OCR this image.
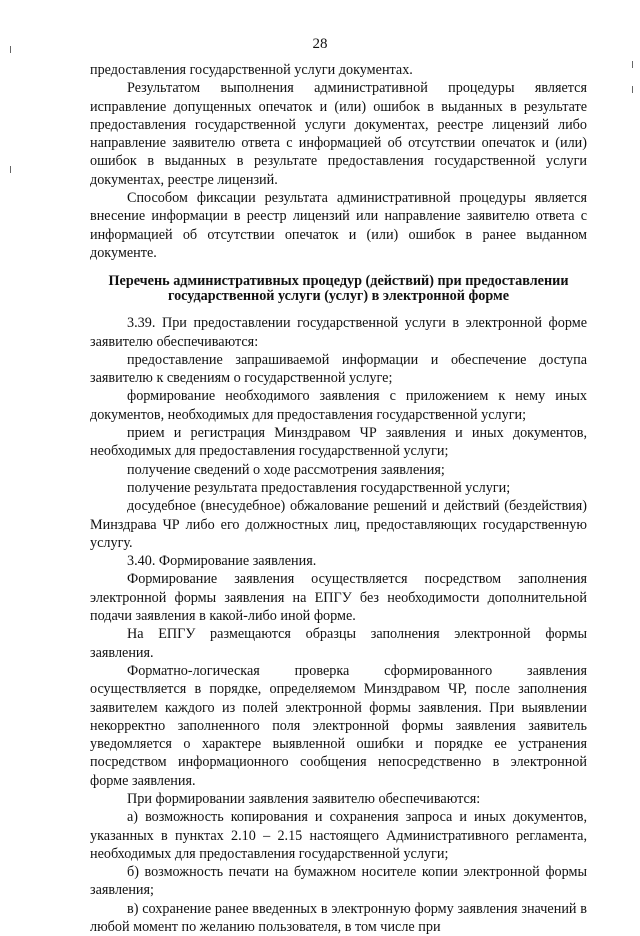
28

предоставления государственной услуги документах.

Результатом выполнения административной процедуры является исправление допущенных опечаток и (или) ошибок в выданных в результате предоставления государственной услуги документах, реестре лицензий либо направление заявителю ответа с информацией об отсутствии опечаток и (или) ошибок в выданных в результате предоставления государственной услуги документах, реестре лицензий.

Способом фиксации результата административной процедуры является внесение информации в реестр лицензий или направление заявителю ответа с информацией об отсутствии опечаток и (или) ошибок в ранее выданном документе.

Перечень административных процедур (действий) при предоставлении государственной услуги (услуг) в электронной форме

3.39. При предоставлении государственной услуги в электронной форме заявителю обеспечиваются:

предоставление запрашиваемой информации и обеспечение доступа заявителю к сведениям о государственной услуге;

формирование необходимого заявления с приложением к нему иных документов, необходимых для предоставления государственной услуги;

прием и регистрация Минздравом ЧР заявления и иных документов, необходимых для предоставления государственной услуги;

получение сведений о ходе рассмотрения заявления;

получение результата предоставления государственной услуги;

досудебное (внесудебное) обжалование решений и действий (бездействия) Минздрава ЧР либо его должностных лиц, предоставляющих государственную услугу.

3.40. Формирование заявления.

Формирование заявления осуществляется посредством заполнения электронной формы заявления на ЕПГУ без необходимости дополнительной подачи заявления в какой-либо иной форме.

На ЕПГУ размещаются образцы заполнения электронной формы заявления.

Форматно-логическая проверка сформированного заявления осуществляется в порядке, определяемом Минздравом ЧР, после заполнения заявителем каждого из полей электронной формы заявления. При выявлении некорректно заполненного поля электронной формы заявления заявитель уведомляется о характере выявленной ошибки и порядке ее устранения посредством информационного сообщения непосредственно в электронной форме заявления.

При формировании заявления заявителю обеспечиваются:

а) возможность копирования и сохранения запроса и иных документов, указанных в пунктах 2.10 – 2.15 настоящего Административного регламента, необходимых для предоставления государственной услуги;

б) возможность печати на бумажном носителе копии электронной формы заявления;

в) сохранение ранее введенных в электронную форму заявления значений в любой момент по желанию пользователя, в том числе при
